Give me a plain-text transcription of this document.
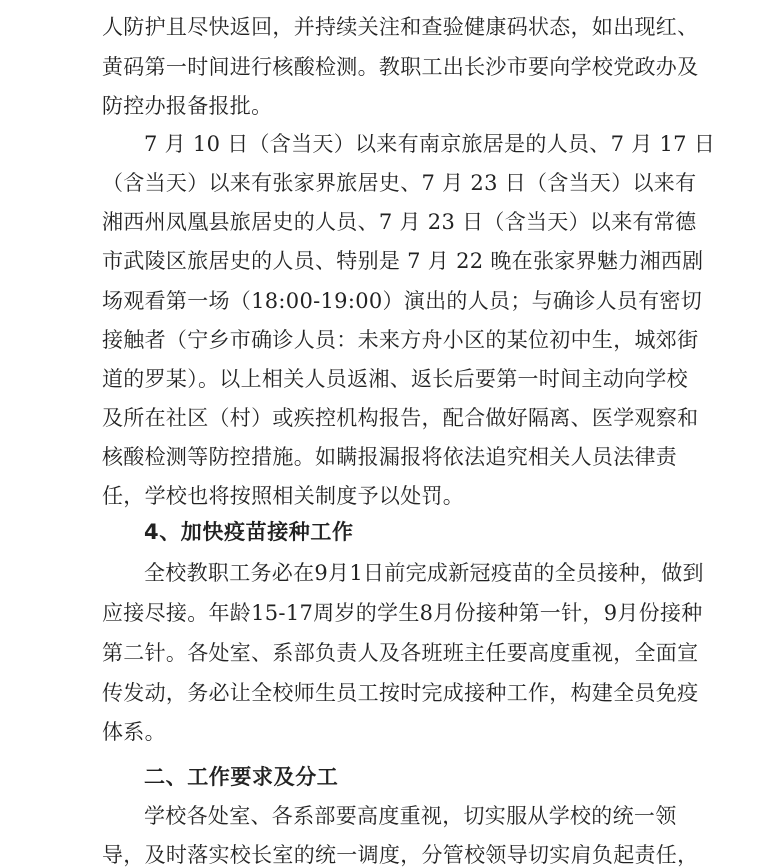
人防护且尽快返回，并持续关注和查验健康码状态，如出现红、
黄码第一时间进行核酸检测。教职工出长沙市要向学校党政办及
防控办报备报批。
7 月 10 日（含当天）以来有南京旅居是的人员、7 月 17 日
（含当天）以来有张家界旅居史、7 月 23 日（含当天）以来有
湘西州凤凰县旅居史的人员、7 月 23 日（含当天）以来有常德
市武陵区旅居史的人员、特别是 7 月 22 晚在张家界魅力湘西剧
场观看第一场（18:00-19:00）演出的人员；与确诊人员有密切
接触者（宁乡市确诊人员：未来方舟小区的某位初中生，城郊街
道的罗某）。以上相关人员返湘、返长后要第一时间主动向学校
及所在社区（村）或疾控机构报告，配合做好隔离、医学观察和
核酸检测等防控措施。如瞒报漏报将依法追究相关人员法律责
任，学校也将按照相关制度予以处罚。
4、加快疫苗接种工作
全校教职工务必在9月1日前完成新冠疫苗的全员接种，做到
应接尽接。年龄15-17周岁的学生8月份接种第一针，9月份接种
第二针。各处室、系部负责人及各班班主任要高度重视，全面宣
传发动，务必让全校师生员工按时完成接种工作，构建全员免疫
体系。
二、工作要求及分工
学校各处室、各系部要高度重视，切实服从学校的统一领
导，及时落实校长室的统一调度，分管校领导切实肩负起责任，
